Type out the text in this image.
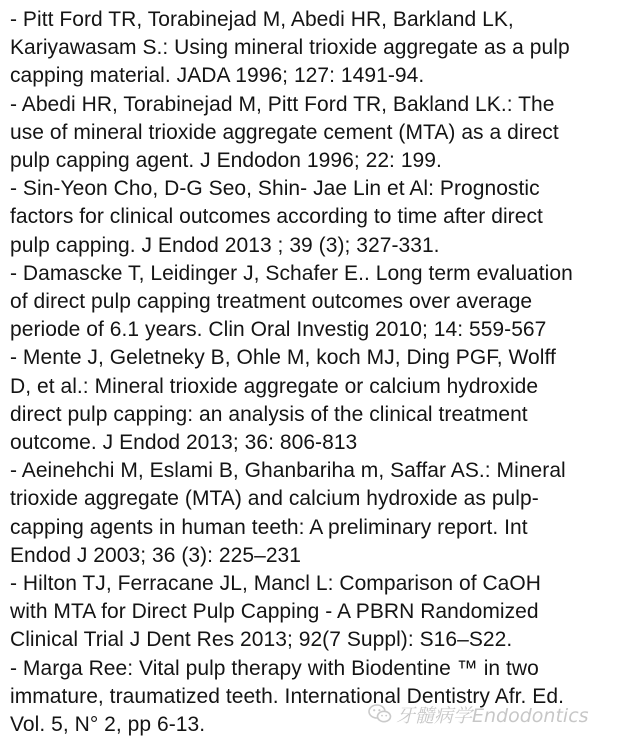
- Pitt Ford TR, Torabinejad M, Abedi HR, Barkland LK,
Kariyawasam S.: Using mineral trioxide aggregate as a pulp
capping material. JADA 1996; 127: 1491-94.
- Abedi HR, Torabinejad M, Pitt Ford TR, Bakland LK.: The
use of mineral trioxide aggregate cement (MTA) as a direct
pulp capping agent. J Endodon 1996; 22: 199.
- Sin-Yeon Cho, D-G Seo, Shin- Jae Lin et Al: Prognostic
factors for clinical outcomes according to time after direct
pulp capping. J Endod 2013 ; 39 (3); 327-331.
- Damascke T, Leidinger J, Schafer E.. Long term evaluation
of direct pulp capping treatment outcomes over average
periode of 6.1 years. Clin Oral Investig 2010; 14: 559-567
- Mente J, Geletneky B, Ohle M, koch MJ, Ding PGF, Wolff
D, et al.: Mineral trioxide aggregate or calcium hydroxide
direct pulp capping: an analysis of the clinical treatment
outcome. J Endod 2013; 36: 806-813
- Aeinehchi M, Eslami B, Ghanbariha m, Saffar AS.: Mineral
trioxide aggregate (MTA) and calcium hydroxide as pulp-
capping agents in human teeth: A preliminary report. Int
Endod J 2003; 36 (3): 225–231
- Hilton TJ, Ferracane JL, Mancl L: Comparison of CaOH
with MTA for Direct Pulp Capping - A PBRN Randomized
Clinical Trial J Dent Res 2013; 92(7 Suppl): S16–S22.
- Marga Ree: Vital pulp therapy with Biodentine ™ in two
immature, traumatized teeth. International Dentistry Afr. Ed.
Vol. 5, N° 2, pp 6-13.	牙髓病学Endodontics
